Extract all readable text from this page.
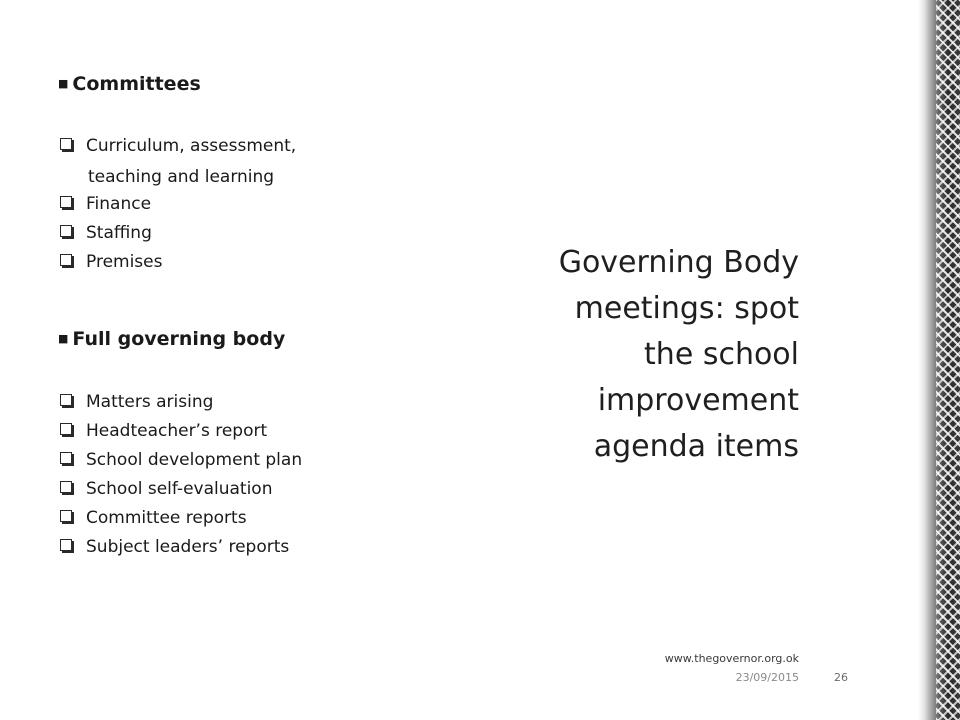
■ Committees
Curriculum, assessment,
teaching and learning
Finance
Staffing
Premises
■ Full governing body
Matters arising
Headteacher’s report
School development plan
School self-evaluation
Committee reports
Subject leaders’ reports
Governing Body
meetings: spot
the school
improvement
agenda items
www.thegovernor.org.ok
23/09/2015	26
